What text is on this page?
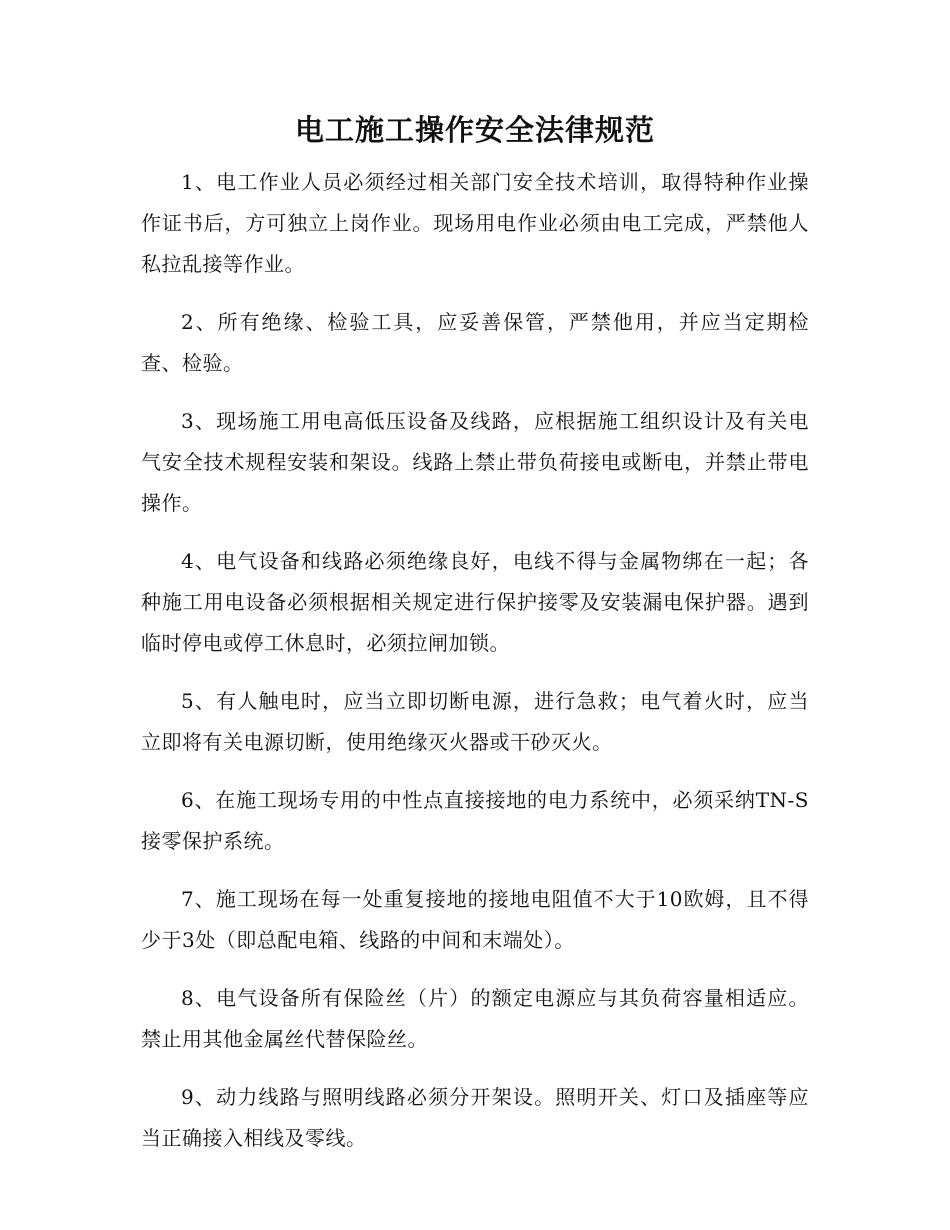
电工施工操作安全法律规范

1、电工作业人员必须经过相关部门安全技术培训，取得特种作业操作证书后，方可独立上岗作业。现场用电作业必须由电工完成，严禁他人私拉乱接等作业。

2、所有绝缘、检验工具，应妥善保管，严禁他用，并应当定期检查、检验。

3、现场施工用电高低压设备及线路，应根据施工组织设计及有关电气安全技术规程安装和架设。线路上禁止带负荷接电或断电，并禁止带电操作。

4、电气设备和线路必须绝缘良好，电线不得与金属物绑在一起；各种施工用电设备必须根据相关规定进行保护接零及安装漏电保护器。遇到临时停电或停工休息时，必须拉闸加锁。

5、有人触电时，应当立即切断电源，进行急救；电气着火时，应当立即将有关电源切断，使用绝缘灭火器或干砂灭火。

6、在施工现场专用的中性点直接接地的电力系统中，必须采纳TN-S接零保护系统。

7、施工现场在每一处重复接地的接地电阻值不大于10欧姆，且不得少于3处（即总配电箱、线路的中间和末端处）。

8、电气设备所有保险丝（片）的额定电源应与其负荷容量相适应。禁止用其他金属丝代替保险丝。

9、动力线路与照明线路必须分开架设。照明开关、灯口及插座等应当正确接入相线及零线。
